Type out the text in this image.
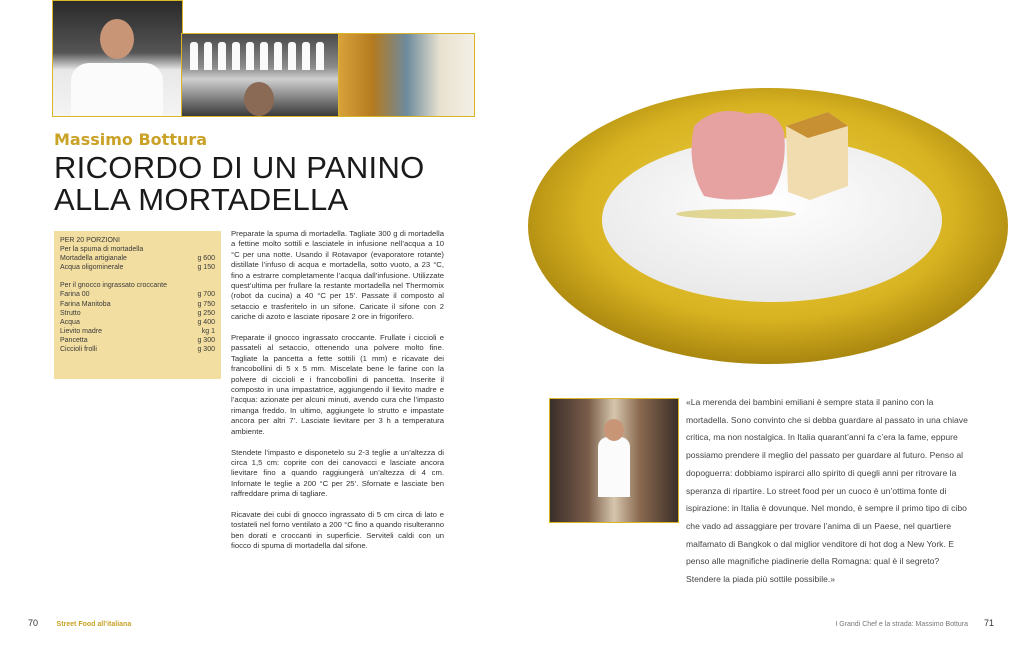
Massimo Bottura
RICORDO DI UN PANINO
ALLA MORTADELLA
PER 20 PORZIONI
Per la spuma di mortadella
Mortadella artigianale	g 600
Acqua oligominerale	g 150
Per il gnocco ingrassato croccante
Farina 00	g 700
Farina Manitoba	g 750
Strutto	g 250
Acqua	g 400
Lievito madre	kg 1
Pancetta	g 300
Ciccioli frolli	g 300

Preparate la spuma di mortadella. Tagliate 300 g di mortadella a fettine molto sottili e lasciatele in infusione nell’acqua a 10 °C per una notte. Usando il Rotavapor (evaporatore rotante) distillate l’infuso di acqua e mortadella, sotto vuoto, a 23 °C, fino a estrarre completamente l’acqua dall’infusione. Utilizzate quest’ultima per frullare la restante mortadella nel Thermomix (robot da cucina) a 40 °C per 15’. Passate il composto al setaccio e trasferitelo in un sifone. Caricate il sifone con 2 cariche di azoto e lasciate riposare 2 ore in frigorifero.

Preparate il gnocco ingrassato croccante. Frullate i ciccioli e passateli al setaccio, ottenendo una polvere molto fine. Tagliate la pancetta a fette sottili (1 mm) e ricavate dei francobollini di 5 x 5 mm. Miscelate bene le farine con la polvere di ciccioli e i francobollini di pancetta. Inserite il composto in una impastatrice, aggiungendo il lievito madre e l’acqua: azionate per alcuni minuti, avendo cura che l’impasto rimanga freddo. In ultimo, aggiungete lo strutto e impastate ancora per altri 7’. Lasciate lievitare per 3 h a temperatura ambiente.

Stendete l’impasto e disponetelo su 2-3 teglie a un’altezza di circa 1,5 cm: coprite con dei canovacci e lasciate ancora lievitare fino a quando raggiungerà un’altezza di 4 cm. Infornate le teglie a 200 °C per 25’. Sfornate e lasciate ben raffreddare prima di tagliare.

Ricavate dei cubi di gnocco ingrassato di 5 cm circa di lato e tostateli nel forno ventilato a 200 °C fino a quando risulteranno ben dorati e croccanti in superficie. Serviteli caldi con un fiocco di spuma di mortadella dal sifone.

70	Street Food all’italiana
«La merenda dei bambini emiliani è sempre stata il panino con la mortadella. Sono convinto che si debba guardare al passato in una chiave critica, ma non nostalgica. In Italia quarant’anni fa c’era la fame, eppure possiamo prendere il meglio del passato per guardare al futuro. Penso al dopoguerra: dobbiamo ispirarci allo spirito di quegli anni per ritrovare la speranza di ripartire. Lo street food per un cuoco è un’ottima fonte di ispirazione: in Italia è dovunque. Nel mondo, è sempre il primo tipo di cibo che vado ad assaggiare per trovare l’anima di un Paese, nel quartiere malfamato di Bangkok o dal miglior venditore di hot dog a New York. E penso alle magnifiche piadinerie della Romagna: qual è il segreto? Stendere la piada più sottile possibile.»
I Grandi Chef e la strada: Massimo Bottura 71
